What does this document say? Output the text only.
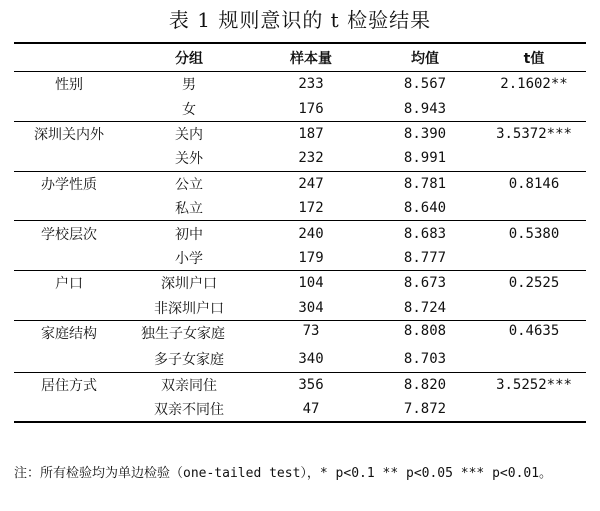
表 1 规则意识的 t 检验结果
	分组	样本量	均值	t值
性别	男	233	8.567	2.1602**
	女	176	8.943	
深圳关内外	关内	187	8.390	3.5372***
	关外	232	8.991	
办学性质	公立	247	8.781	0.8146
	私立	172	8.640	
学校层次	初中	240	8.683	0.5380
	小学	179	8.777	
户口	深圳户口	104	8.673	0.2525
	非深圳户口	304	8.724	
家庭结构	独生子女家庭	73	8.808	0.4635
	多子女家庭	340	8.703	
居住方式	双亲同住	356	8.820	3.5252***
	双亲不同住	47	7.872	
注：所有检验均为单边检验（one-tailed test），* p<0.1 ** p<0.05 *** p<0.01。
